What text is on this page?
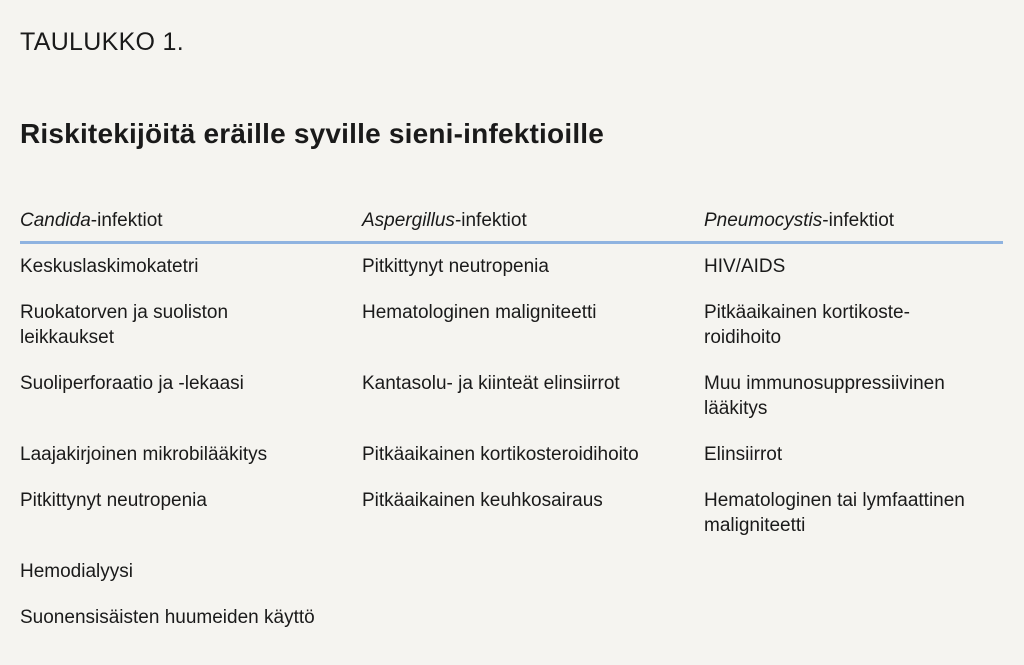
TAULUKKO 1.
Riskitekijöitä eräille syville sieni-infektioille
Candida-infektiot	Aspergillus-infektiot	Pneumocystis-infektiot
Keskuslaskimokatetri
Ruokatorven ja suoliston
leikkaukset
Suoliperforaatio ja -lekaasi
Laajakirjoinen mikrobilääkitys
Pitkittynyt neutropenia
Hemodialyysi
Suonensisäisten huumeiden käyttö
Pitkittynyt neutropenia
Hematologinen maligniteetti
Kantasolu- ja kiinteät elinsiirrot
Pitkäaikainen kortikosteroidihoito
Pitkäaikainen keuhkosairaus
HIV/AIDS
Pitkäaikainen kortikoste-
roidihoito
Muu immunosuppressiivinen
lääkitys
Elinsiirrot
Hematologinen tai lymfaattinen
maligniteetti
